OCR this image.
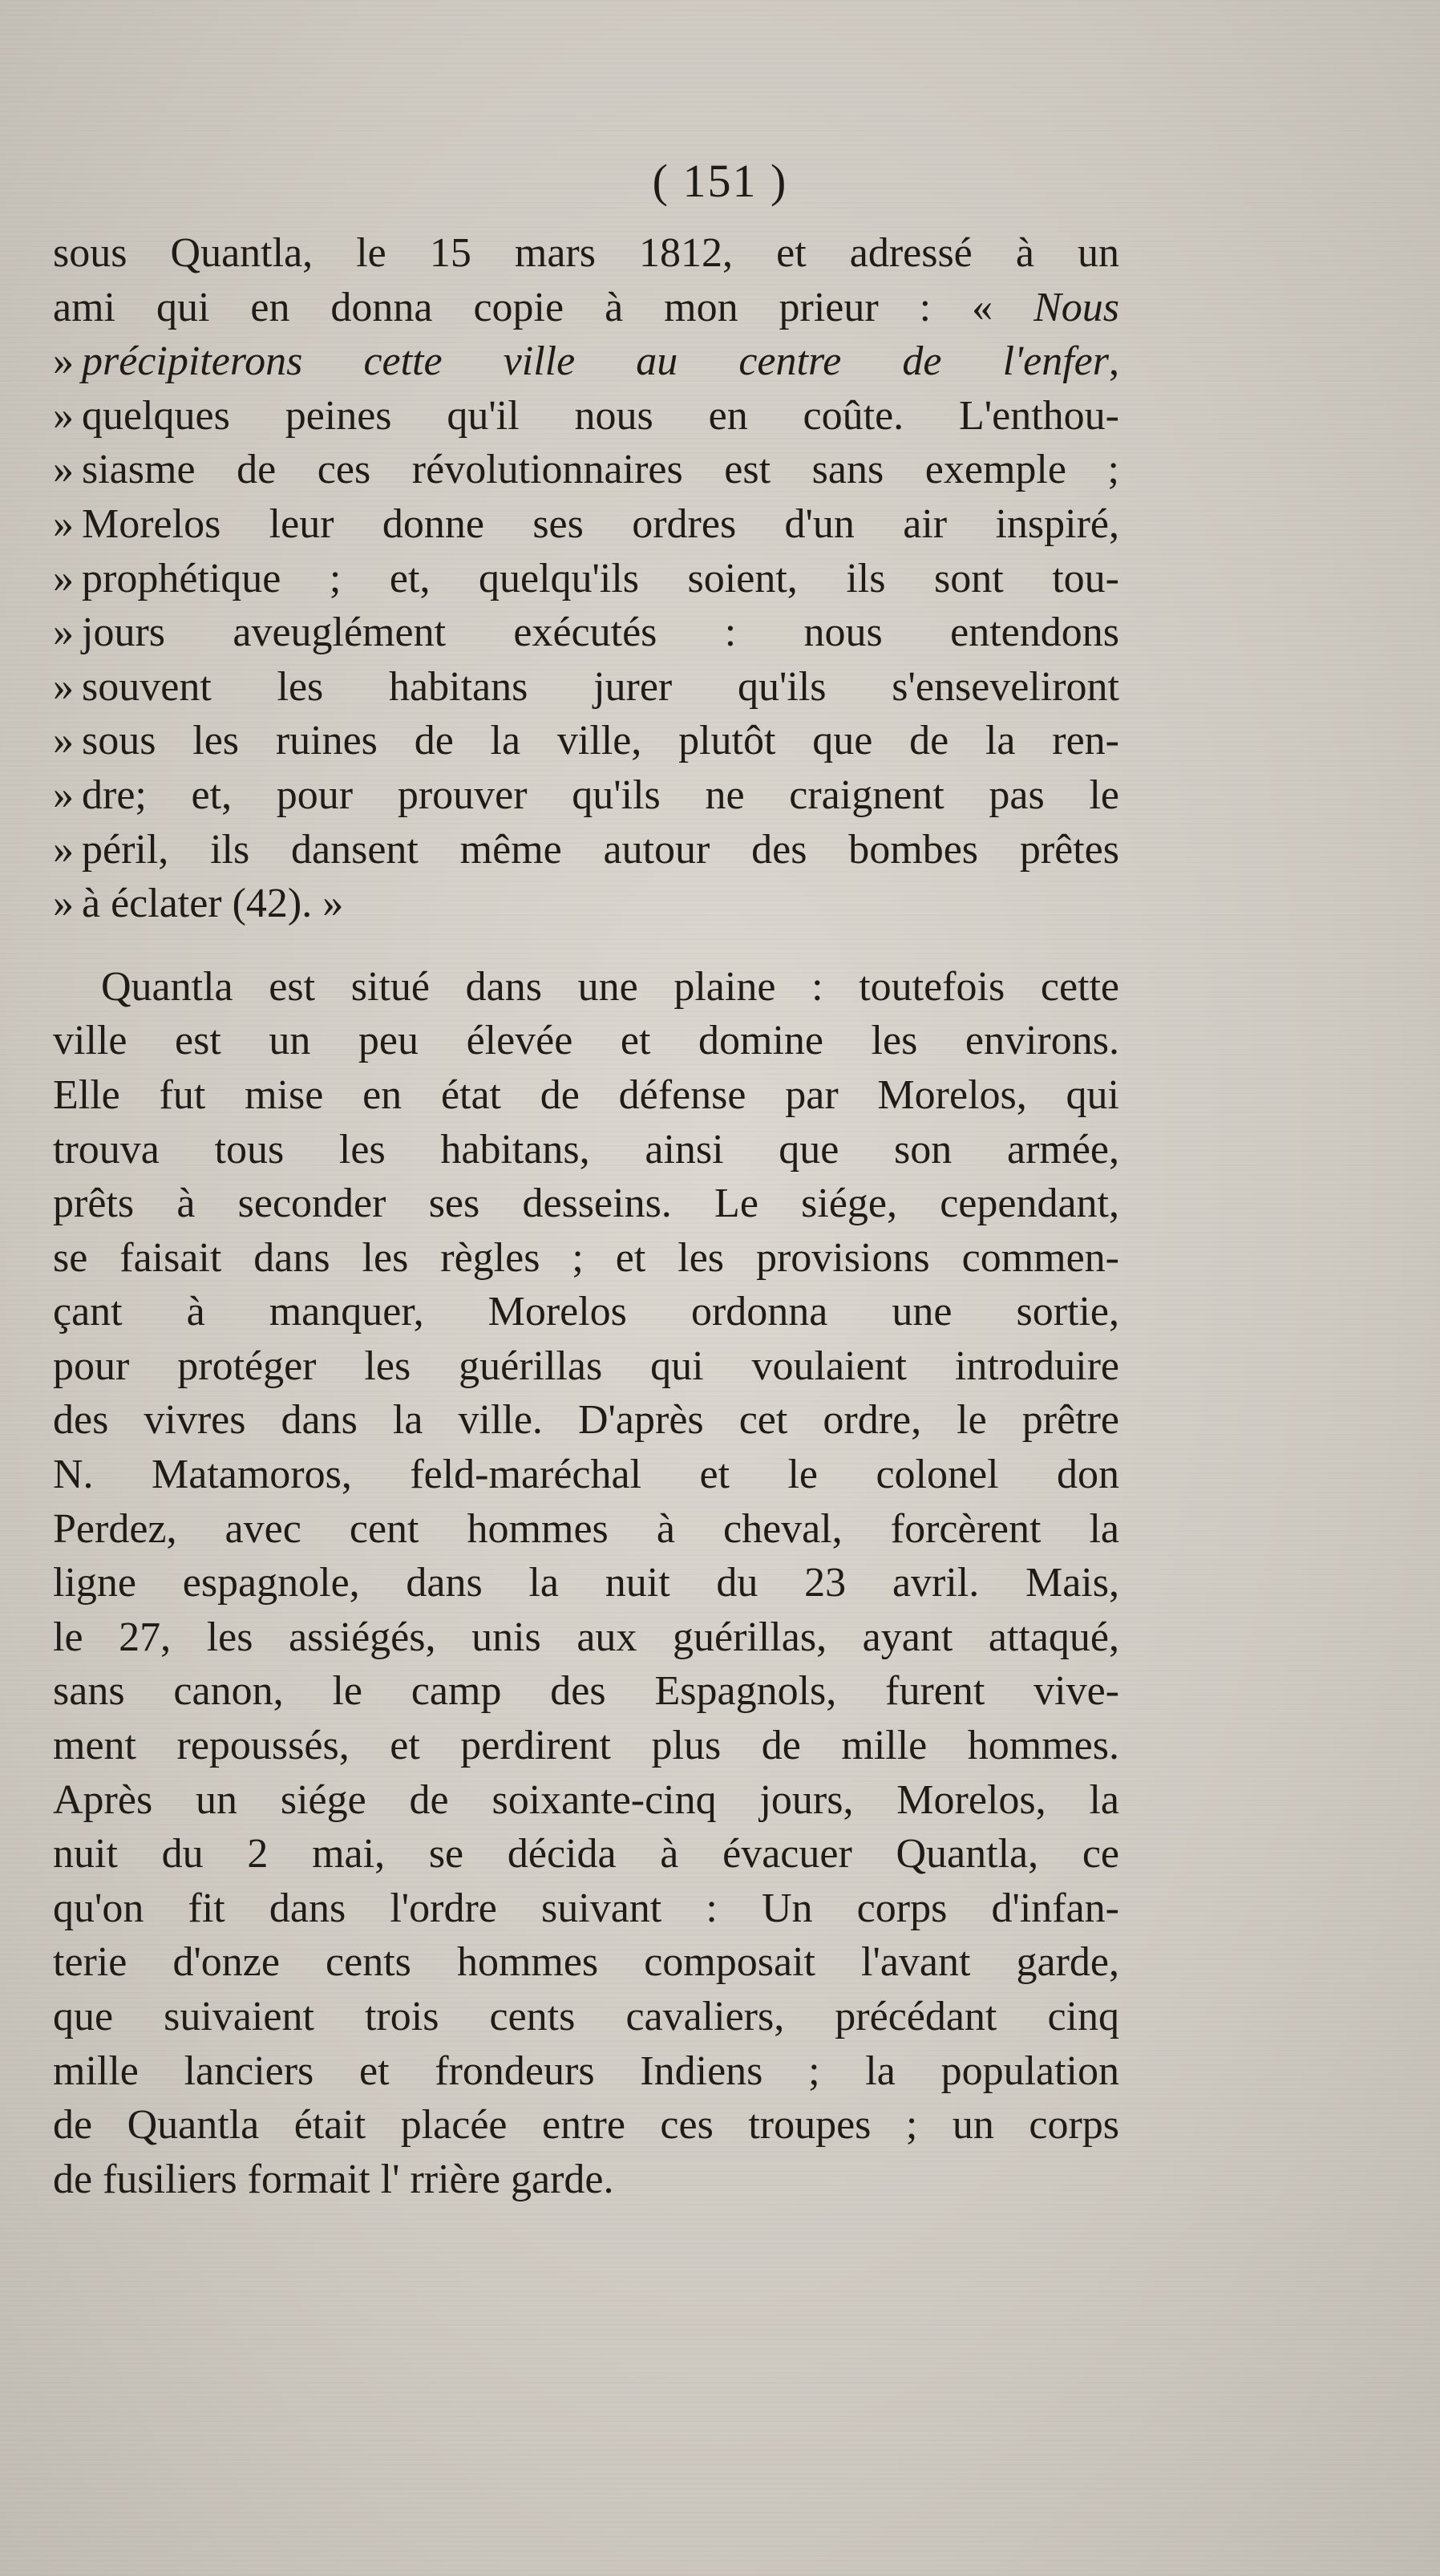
( 151 )
sous Quantla, le 15 mars 1812, et adressé à un
ami qui en donna copie à mon prieur : « Nous
» précipiterons cette ville au centre de l'enfer,
» quelques peines qu'il nous en coûte. L'enthou-
» siasme de ces révolutionnaires est sans exemple ;
» Morelos leur donne ses ordres d'un air inspiré,
» prophétique ; et, quelqu'ils soient, ils sont tou-
» jours aveuglément exécutés : nous entendons
» souvent les habitans jurer qu'ils s'enseveliront
» sous les ruines de la ville, plutôt que de la ren-
» dre; et, pour prouver qu'ils ne craignent pas le
» péril, ils dansent même autour des bombes prêtes
» à éclater (42). »
Quantla est situé dans une plaine : toutefois cette
ville est un peu élevée et domine les environs.
Elle fut mise en état de défense par Morelos, qui
trouva tous les habitans, ainsi que son armée,
prêts à seconder ses desseins. Le siége, cependant,
se faisait dans les règles ; et les provisions commen-
çant à manquer, Morelos ordonna une sortie,
pour protéger les guérillas qui voulaient introduire
des vivres dans la ville. D'après cet ordre, le prêtre
N. Matamoros, feld-maréchal et le colonel don
Perdez, avec cent hommes à cheval, forcèrent la
ligne espagnole, dans la nuit du 23 avril. Mais,
le 27, les assiégés, unis aux guérillas, ayant attaqué,
sans canon, le camp des Espagnols, furent vive-
ment repoussés, et perdirent plus de mille hommes.
Après un siége de soixante-cinq jours, Morelos, la
nuit du 2 mai, se décida à évacuer Quantla, ce
qu'on fit dans l'ordre suivant : Un corps d'infan-
terie d'onze cents hommes composait l'avant garde,
que suivaient trois cents cavaliers, précédant cinq
mille lanciers et frondeurs Indiens ; la population
de Quantla était placée entre ces troupes ; un corps
de fusiliers formait l' rrière garde.
